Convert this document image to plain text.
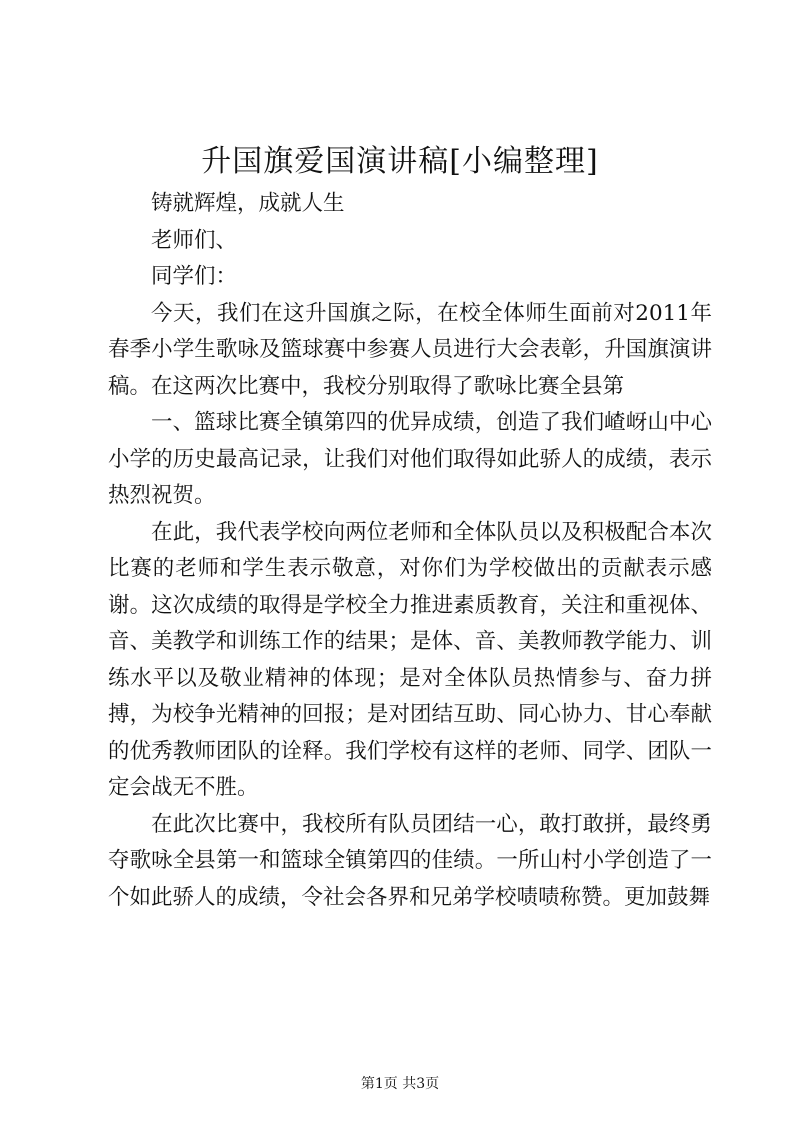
升国旗爱国演讲稿[小编整理]

铸就辉煌，成就人生

老师们、

同学们：

今天，我们在这升国旗之际，在校全体师生面前对2011年春季小学生歌咏及篮球赛中参赛人员进行大会表彰，升国旗演讲稿。在这两次比赛中，我校分别取得了歌咏比赛全县第

一、篮球比赛全镇第四的优异成绩，创造了我们嵖岈山中心小学的历史最高记录，让我们对他们取得如此骄人的成绩，表示热烈祝贺。

在此，我代表学校向两位老师和全体队员以及积极配合本次比赛的老师和学生表示敬意，对你们为学校做出的贡献表示感谢。这次成绩的取得是学校全力推进素质教育，关注和重视体、音、美教学和训练工作的结果；是体、音、美教师教学能力、训练水平以及敬业精神的体现；是对全体队员热情参与、奋力拼搏，为校争光精神的回报；是对团结互助、同心协力、甘心奉献的优秀教师团队的诠释。我们学校有这样的老师、同学、团队一定会战无不胜。

在此次比赛中，我校所有队员团结一心，敢打敢拼，最终勇夺歌咏全县第一和篮球全镇第四的佳绩。一所山村小学创造了一个如此骄人的成绩，令社会各界和兄弟学校啧啧称赞。更加鼓舞

第1页 共3页
